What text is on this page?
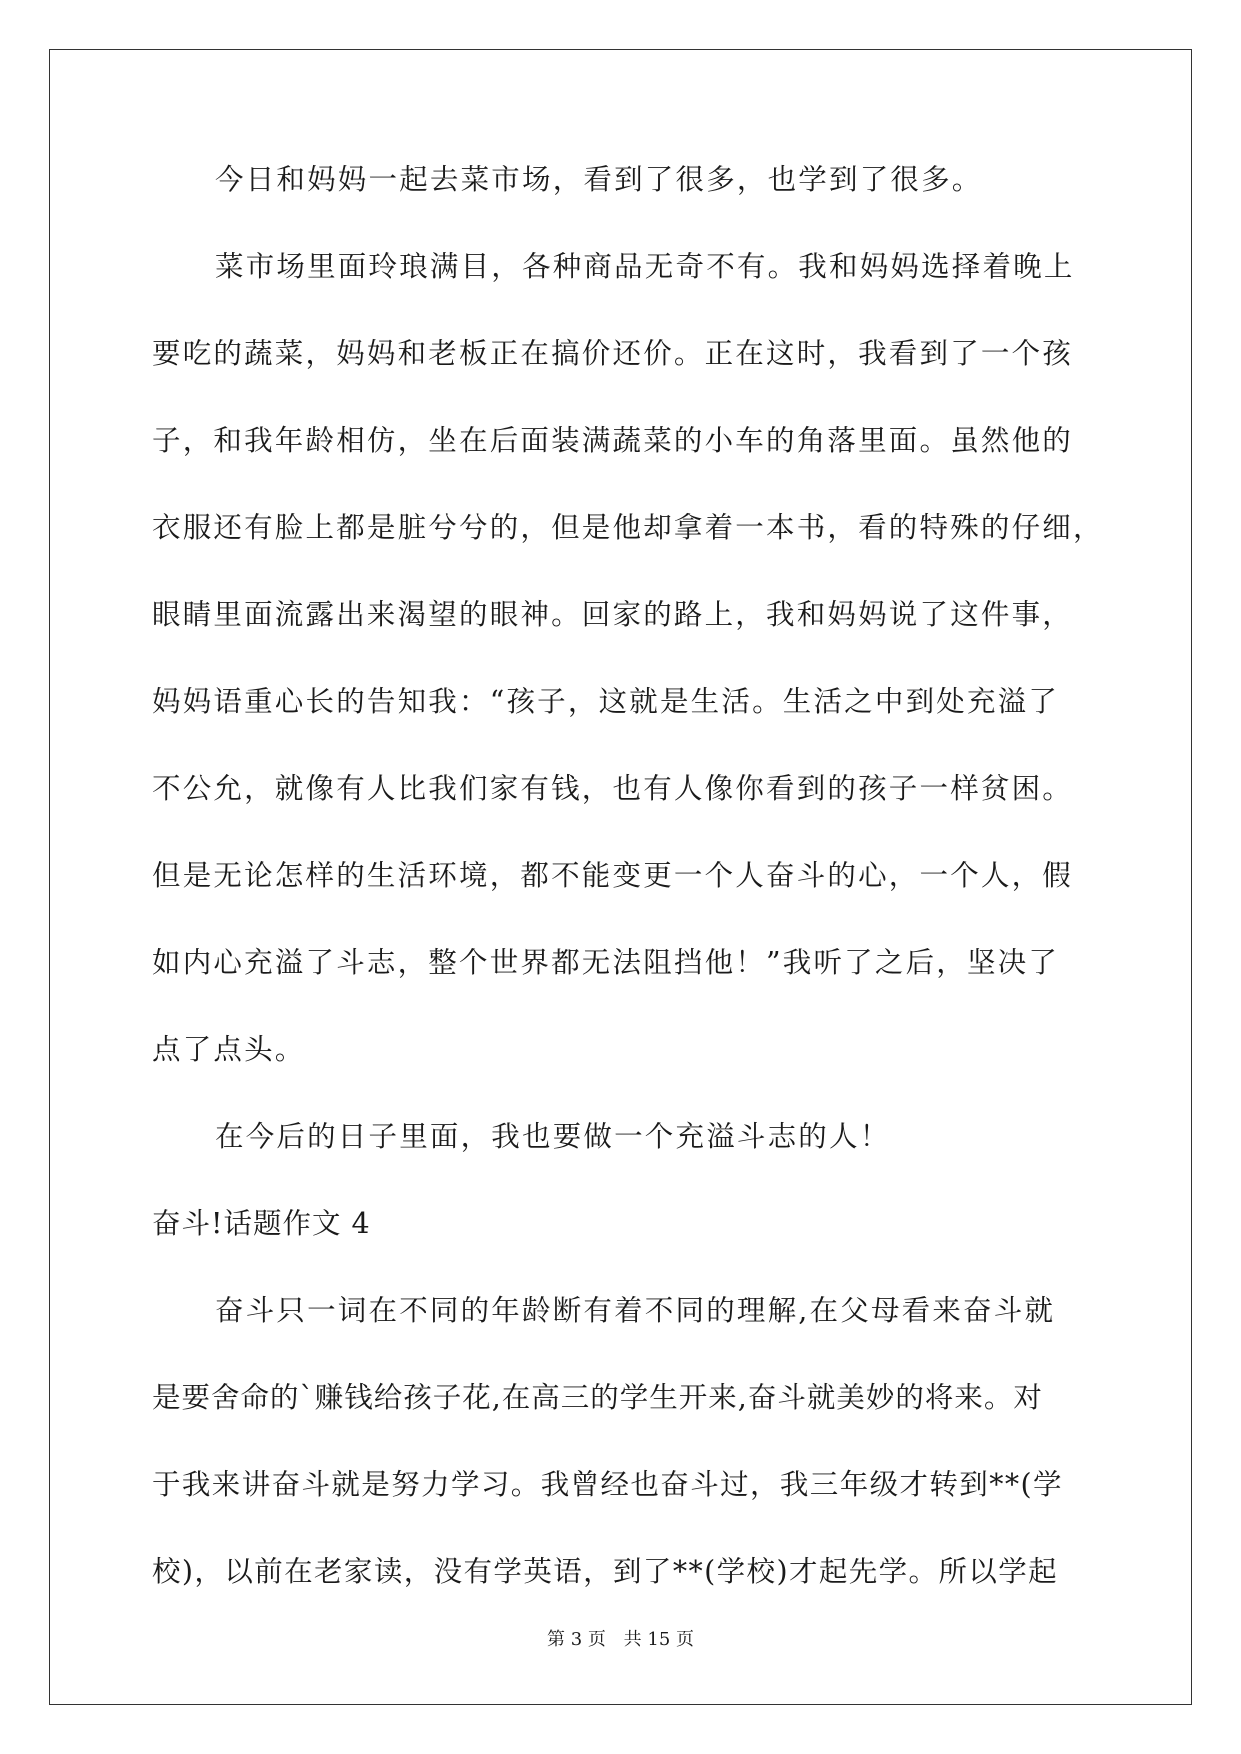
今日和妈妈一起去菜市场，看到了很多，也学到了很多。
菜市场里面玲琅满目，各种商品无奇不有。我和妈妈选择着晚上
要吃的蔬菜，妈妈和老板正在搞价还价。正在这时，我看到了一个孩
子，和我年龄相仿，坐在后面装满蔬菜的小车的角落里面。虽然他的
衣服还有脸上都是脏兮兮的，但是他却拿着一本书，看的特殊的仔细，
眼睛里面流露出来渴望的眼神。回家的路上，我和妈妈说了这件事，
妈妈语重心长的告知我：“孩子，这就是生活。生活之中到处充溢了
不公允，就像有人比我们家有钱，也有人像你看到的孩子一样贫困。
但是无论怎样的生活环境，都不能变更一个人奋斗的心，一个人，假
如内心充溢了斗志，整个世界都无法阻挡他！”我听了之后，坚决了
点了点头。
在今后的日子里面，我也要做一个充溢斗志的人！
奋斗!话题作文 4
奋斗只一词在不同的年龄断有着不同的理解,在父母看来奋斗就
是要舍命的`赚钱给孩子花,在高三的学生开来,奋斗就美妙的将来。对
于我来讲奋斗就是努力学习。我曾经也奋斗过，我三年级才转到**(学
校)，以前在老家读，没有学英语，到了**(学校)才起先学。所以学起
第 3 页 共 15 页
